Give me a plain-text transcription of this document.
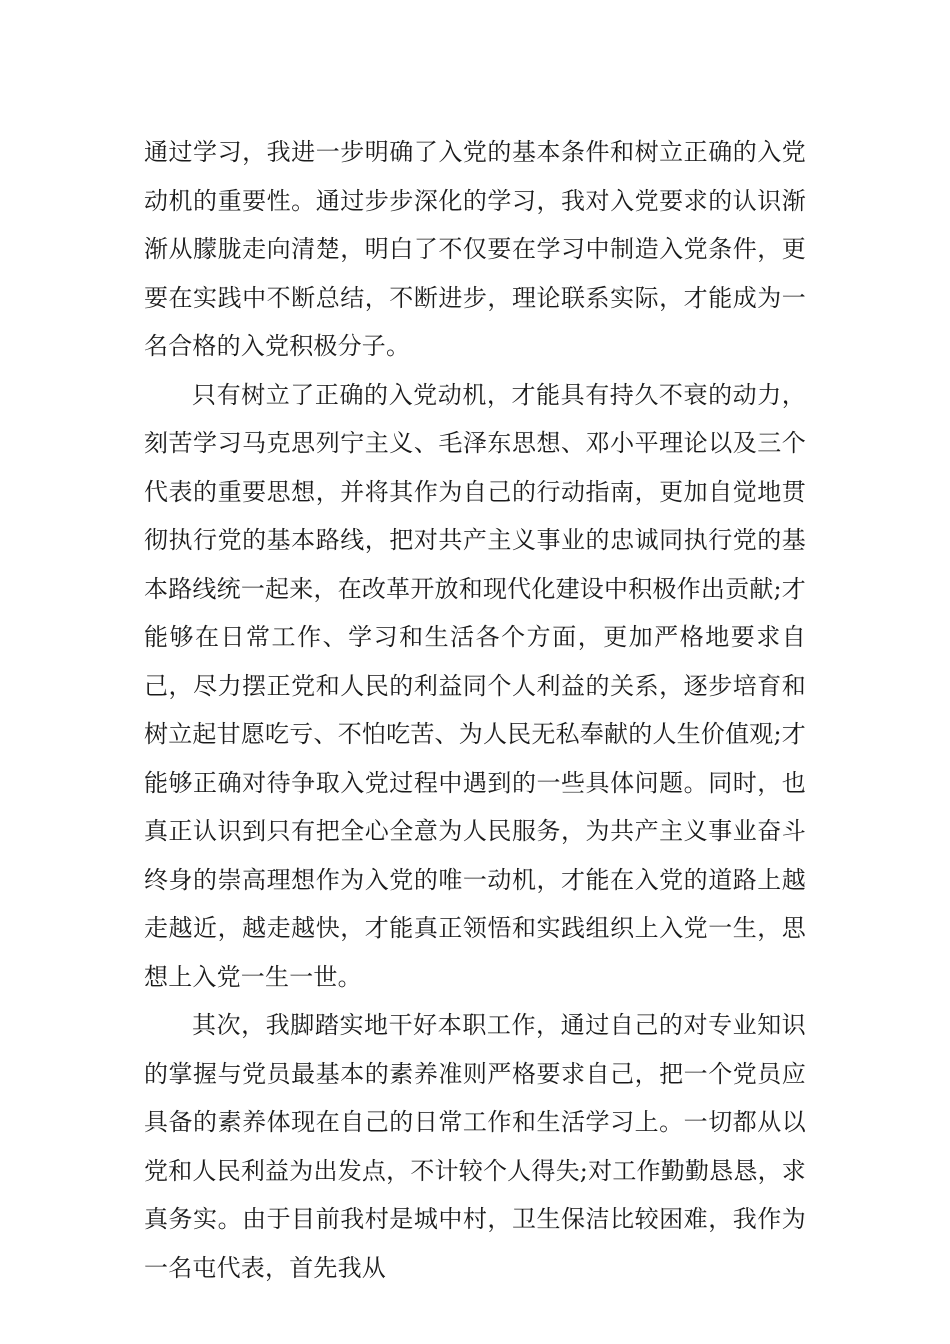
通过学习，我进一步明确了入党的基本条件和树立正确的入党动机的重要性。通过步步深化的学习，我对入党要求的认识渐渐从朦胧走向清楚，明白了不仅要在学习中制造入党条件，更要在实践中不断总结，不断进步，理论联系实际，才能成为一名合格的入党积极分子。

只有树立了正确的入党动机，才能具有持久不衰的动力，刻苦学习马克思列宁主义、毛泽东思想、邓小平理论以及三个代表的重要思想，并将其作为自己的行动指南，更加自觉地贯彻执行党的基本路线，把对共产主义事业的忠诚同执行党的基本路线统一起来，在改革开放和现代化建设中积极作出贡献;才能够在日常工作、学习和生活各个方面，更加严格地要求自己，尽力摆正党和人民的利益同个人利益的关系，逐步培育和树立起甘愿吃亏、不怕吃苦、为人民无私奉献的人生价值观;才能够正确对待争取入党过程中遇到的一些具体问题。同时，也真正认识到只有把全心全意为人民服务，为共产主义事业奋斗终身的崇高理想作为入党的唯一动机，才能在入党的道路上越走越近，越走越快，才能真正领悟和实践组织上入党一生，思想上入党一生一世。

其次，我脚踏实地干好本职工作，通过自己的对专业知识的掌握与党员最基本的素养准则严格要求自己，把一个党员应具备的素养体现在自己的日常工作和生活学习上。一切都从以党和人民利益为出发点，不计较个人得失;对工作勤勤恳恳，求真务实。由于目前我村是城中村，卫生保洁比较困难，我作为一名屯代表，首先我从
